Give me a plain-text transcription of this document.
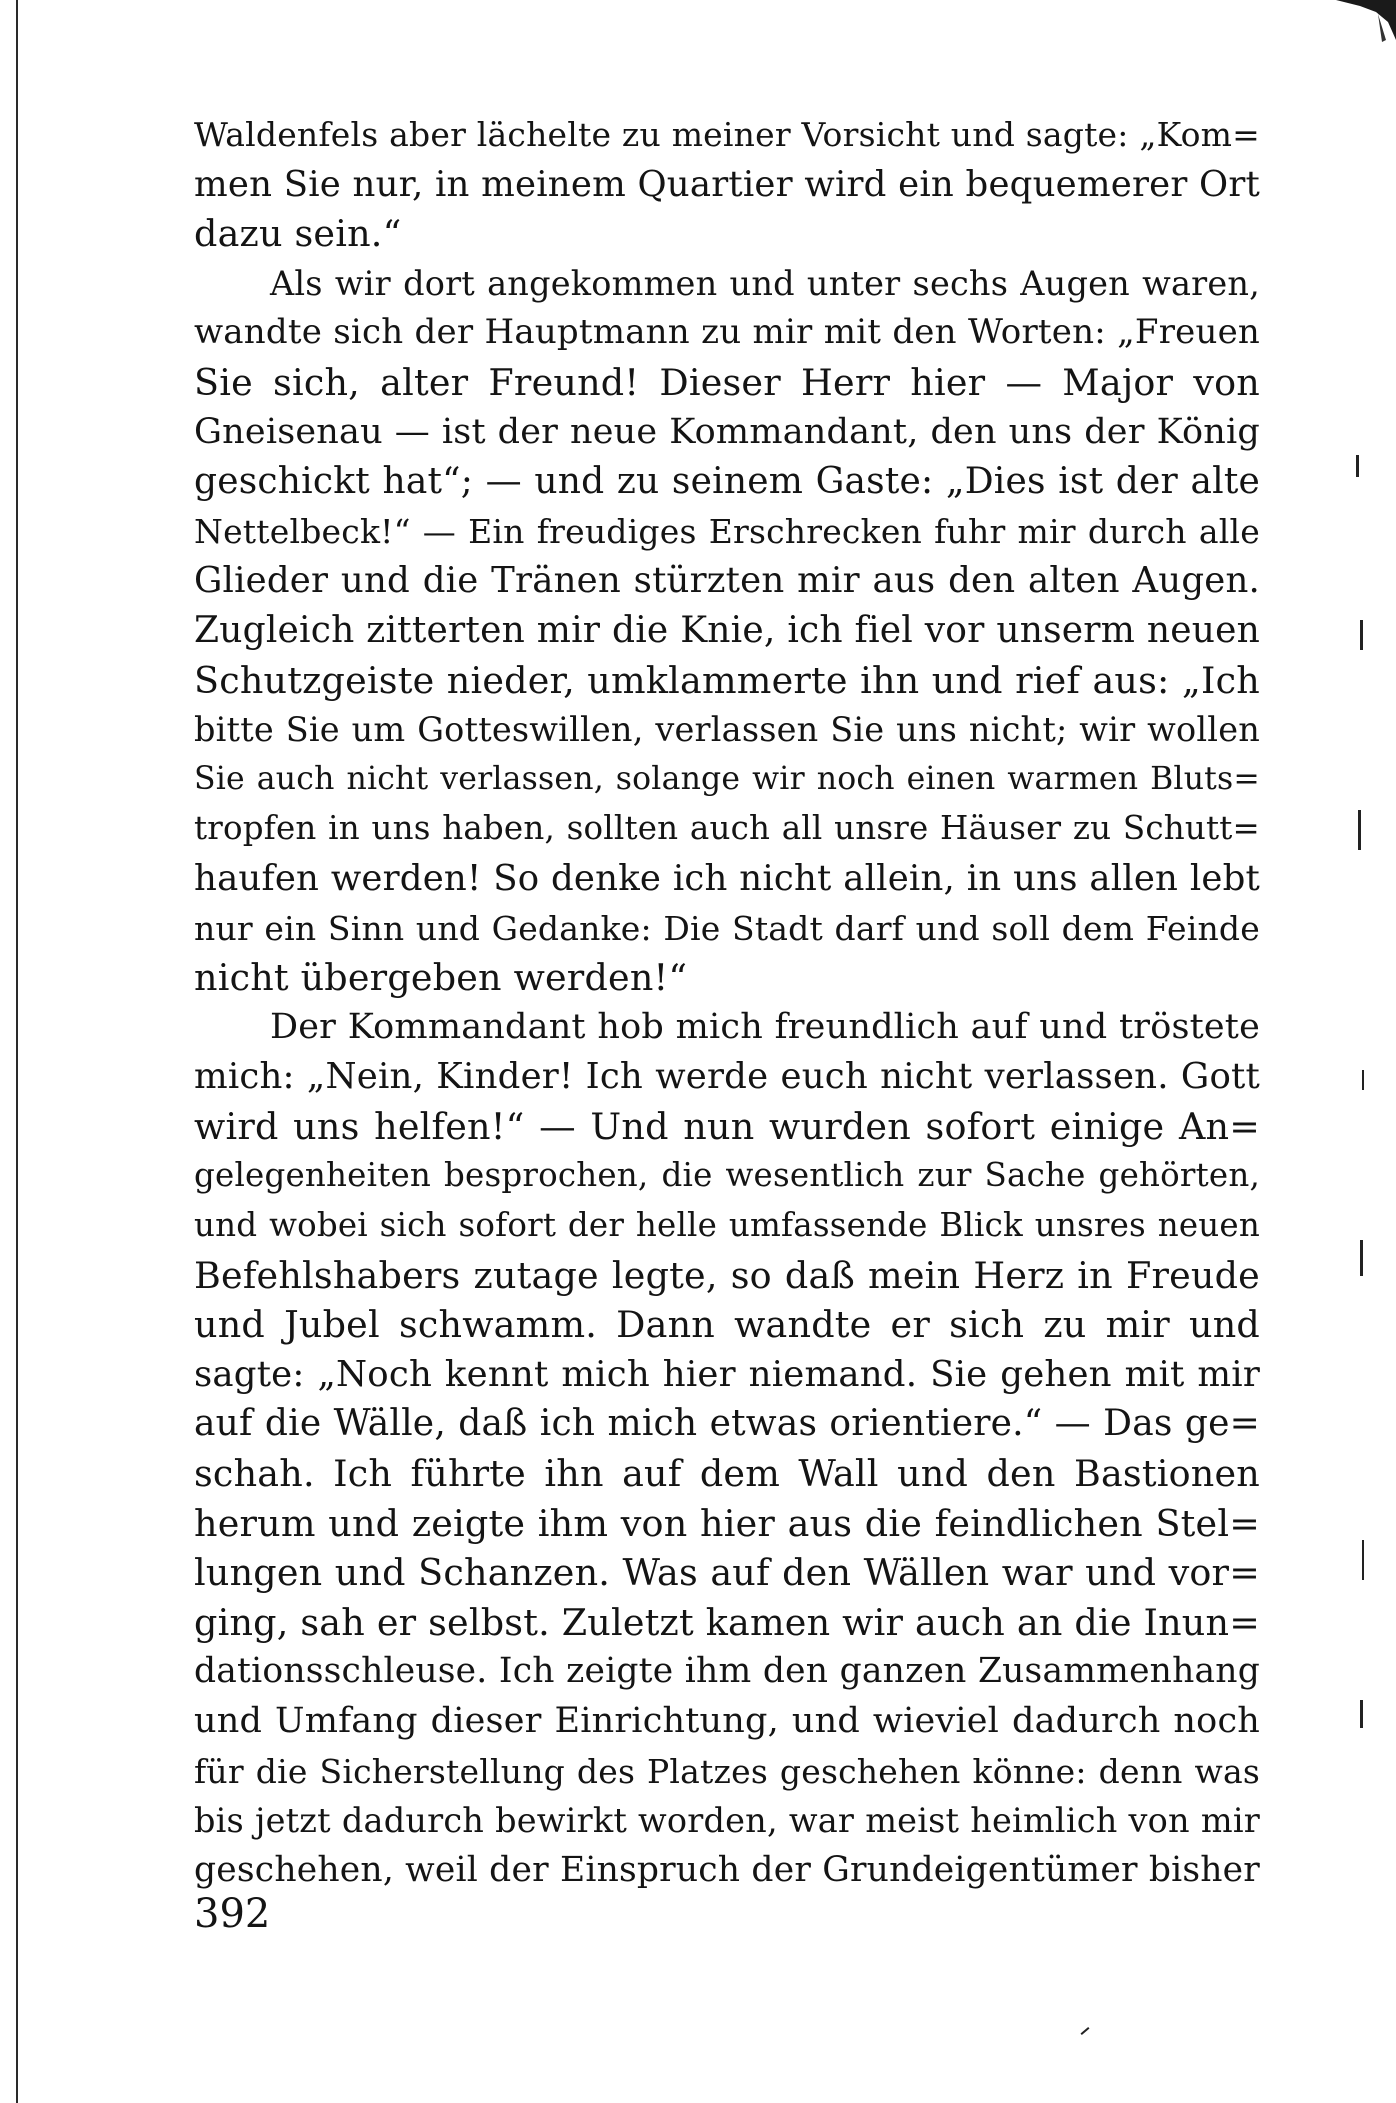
Waldenfels aber lächelte zu meiner Vorsicht und sagte: „Kom=
men Sie nur, in meinem Quartier wird ein bequemerer Ort
dazu sein.“
Als wir dort angekommen und unter sechs Augen waren,
wandte sich der Hauptmann zu mir mit den Worten: „Freuen
Sie sich, alter Freund! Dieser Herr hier — Major von
Gneisenau — ist der neue Kommandant, den uns der König
geschickt hat“; — und zu seinem Gaste: „Dies ist der alte
Nettelbeck!“ — Ein freudiges Erschrecken fuhr mir durch alle
Glieder und die Tränen stürzten mir aus den alten Augen.
Zugleich zitterten mir die Knie, ich fiel vor unserm neuen
Schutzgeiste nieder, umklammerte ihn und rief aus: „Ich
bitte Sie um Gotteswillen, verlassen Sie uns nicht; wir wollen
Sie auch nicht verlassen, solange wir noch einen warmen Bluts=
tropfen in uns haben, sollten auch all unsre Häuser zu Schutt=
haufen werden! So denke ich nicht allein, in uns allen lebt
nur ein Sinn und Gedanke: Die Stadt darf und soll dem Feinde
nicht übergeben werden!“
Der Kommandant hob mich freundlich auf und tröstete
mich: „Nein, Kinder! Ich werde euch nicht verlassen. Gott
wird uns helfen!“ — Und nun wurden sofort einige An=
gelegenheiten besprochen, die wesentlich zur Sache gehörten,
und wobei sich sofort der helle umfassende Blick unsres neuen
Befehlshabers zutage legte, so daß mein Herz in Freude
und Jubel schwamm. Dann wandte er sich zu mir und
sagte: „Noch kennt mich hier niemand. Sie gehen mit mir
auf die Wälle, daß ich mich etwas orientiere.“ — Das ge=
schah. Ich führte ihn auf dem Wall und den Bastionen
herum und zeigte ihm von hier aus die feindlichen Stel=
lungen und Schanzen. Was auf den Wällen war und vor=
ging, sah er selbst. Zuletzt kamen wir auch an die Inun=
dationsschleuse. Ich zeigte ihm den ganzen Zusammenhang
und Umfang dieser Einrichtung, und wieviel dadurch noch
für die Sicherstellung des Platzes geschehen könne: denn was
bis jetzt dadurch bewirkt worden, war meist heimlich von mir
geschehen, weil der Einspruch der Grundeigentümer bisher
392
